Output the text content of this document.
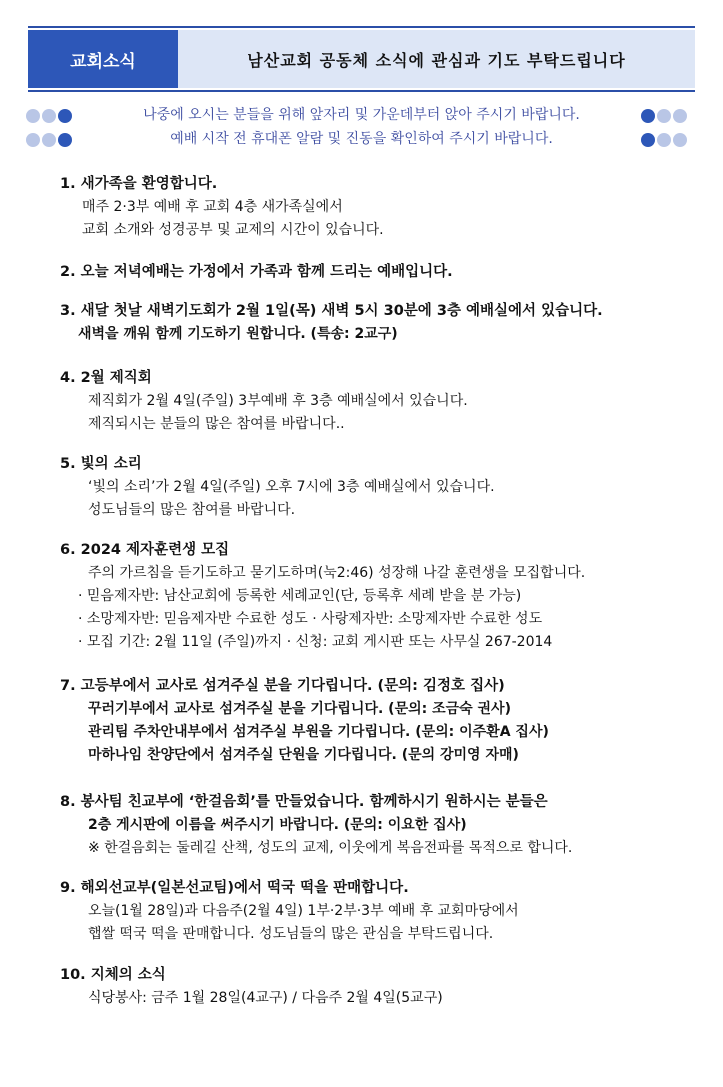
교회소식	남산교회 공동체 소식에 관심과 기도 부탁드립니다
나중에 오시는 분들을 위해 앞자리 및 가운데부터 앉아 주시기 바랍니다.
예배 시작 전 휴대폰 알람 및 진동을 확인하여 주시기 바랍니다.
1. 새가족을 환영합니다.
매주 2·3부 예배 후 교회 4층 새가족실에서
교회 소개와 성경공부 및 교제의 시간이 있습니다.
2. 오늘 저녁예배는 가정에서 가족과 함께 드리는 예배입니다.
3. 새달 첫날 새벽기도회가 2월 1일(목) 새벽 5시 30분에 3층 예배실에서 있습니다.
새벽을 깨워 함께 기도하기 원합니다. (특송: 2교구)
4. 2월 제직회
제직회가 2월 4일(주일) 3부예배 후 3층 예배실에서 있습니다.
제직되시는 분들의 많은 참여를 바랍니다..
5. 빛의 소리
‘빛의 소리’가 2월 4일(주일) 오후 7시에 3층 예배실에서 있습니다.
성도님들의 많은 참여를 바랍니다.
6. 2024 제자훈련생 모집
주의 가르침을 듣기도하고 묻기도하며(눅2:46) 성장해 나갈 훈련생을 모집합니다.
· 믿음제자반: 남산교회에 등록한 세례교인(단, 등록후 세례 받을 분 가능)
· 소망제자반: 믿음제자반 수료한 성도 · 사랑제자반: 소망제자반 수료한 성도
· 모집 기간: 2월 11일 (주일)까지 · 신청: 교회 게시판 또는 사무실 267-2014
7. 고등부에서 교사로 섬겨주실 분을 기다립니다. (문의: 김정호 집사)
꾸러기부에서 교사로 섬겨주실 분을 기다립니다. (문의: 조금숙 권사)
관리팀 주차안내부에서 섬겨주실 부원을 기다립니다. (문의: 이주환A 집사)
마하나임 찬양단에서 섬겨주실 단원을 기다립니다. (문의 강미영 자매)
8. 봉사팀 친교부에 ‘한걸음회’를 만들었습니다. 함께하시기 원하시는 분들은
2층 게시판에 이름을 써주시기 바랍니다. (문의: 이요한 집사)
※ 한걸음회는 둘레길 산책, 성도의 교제, 이웃에게 복음전파를 목적으로 합니다.
9. 해외선교부(일본선교팀)에서 떡국 떡을 판매합니다.
오늘(1월 28일)과 다음주(2월 4일) 1부·2부·3부 예배 후 교회마당에서
햅쌀 떡국 떡을 판매합니다. 성도님들의 많은 관심을 부탁드립니다.
10. 지체의 소식
식당봉사: 금주 1월 28일(4교구) / 다음주 2월 4일(5교구)
